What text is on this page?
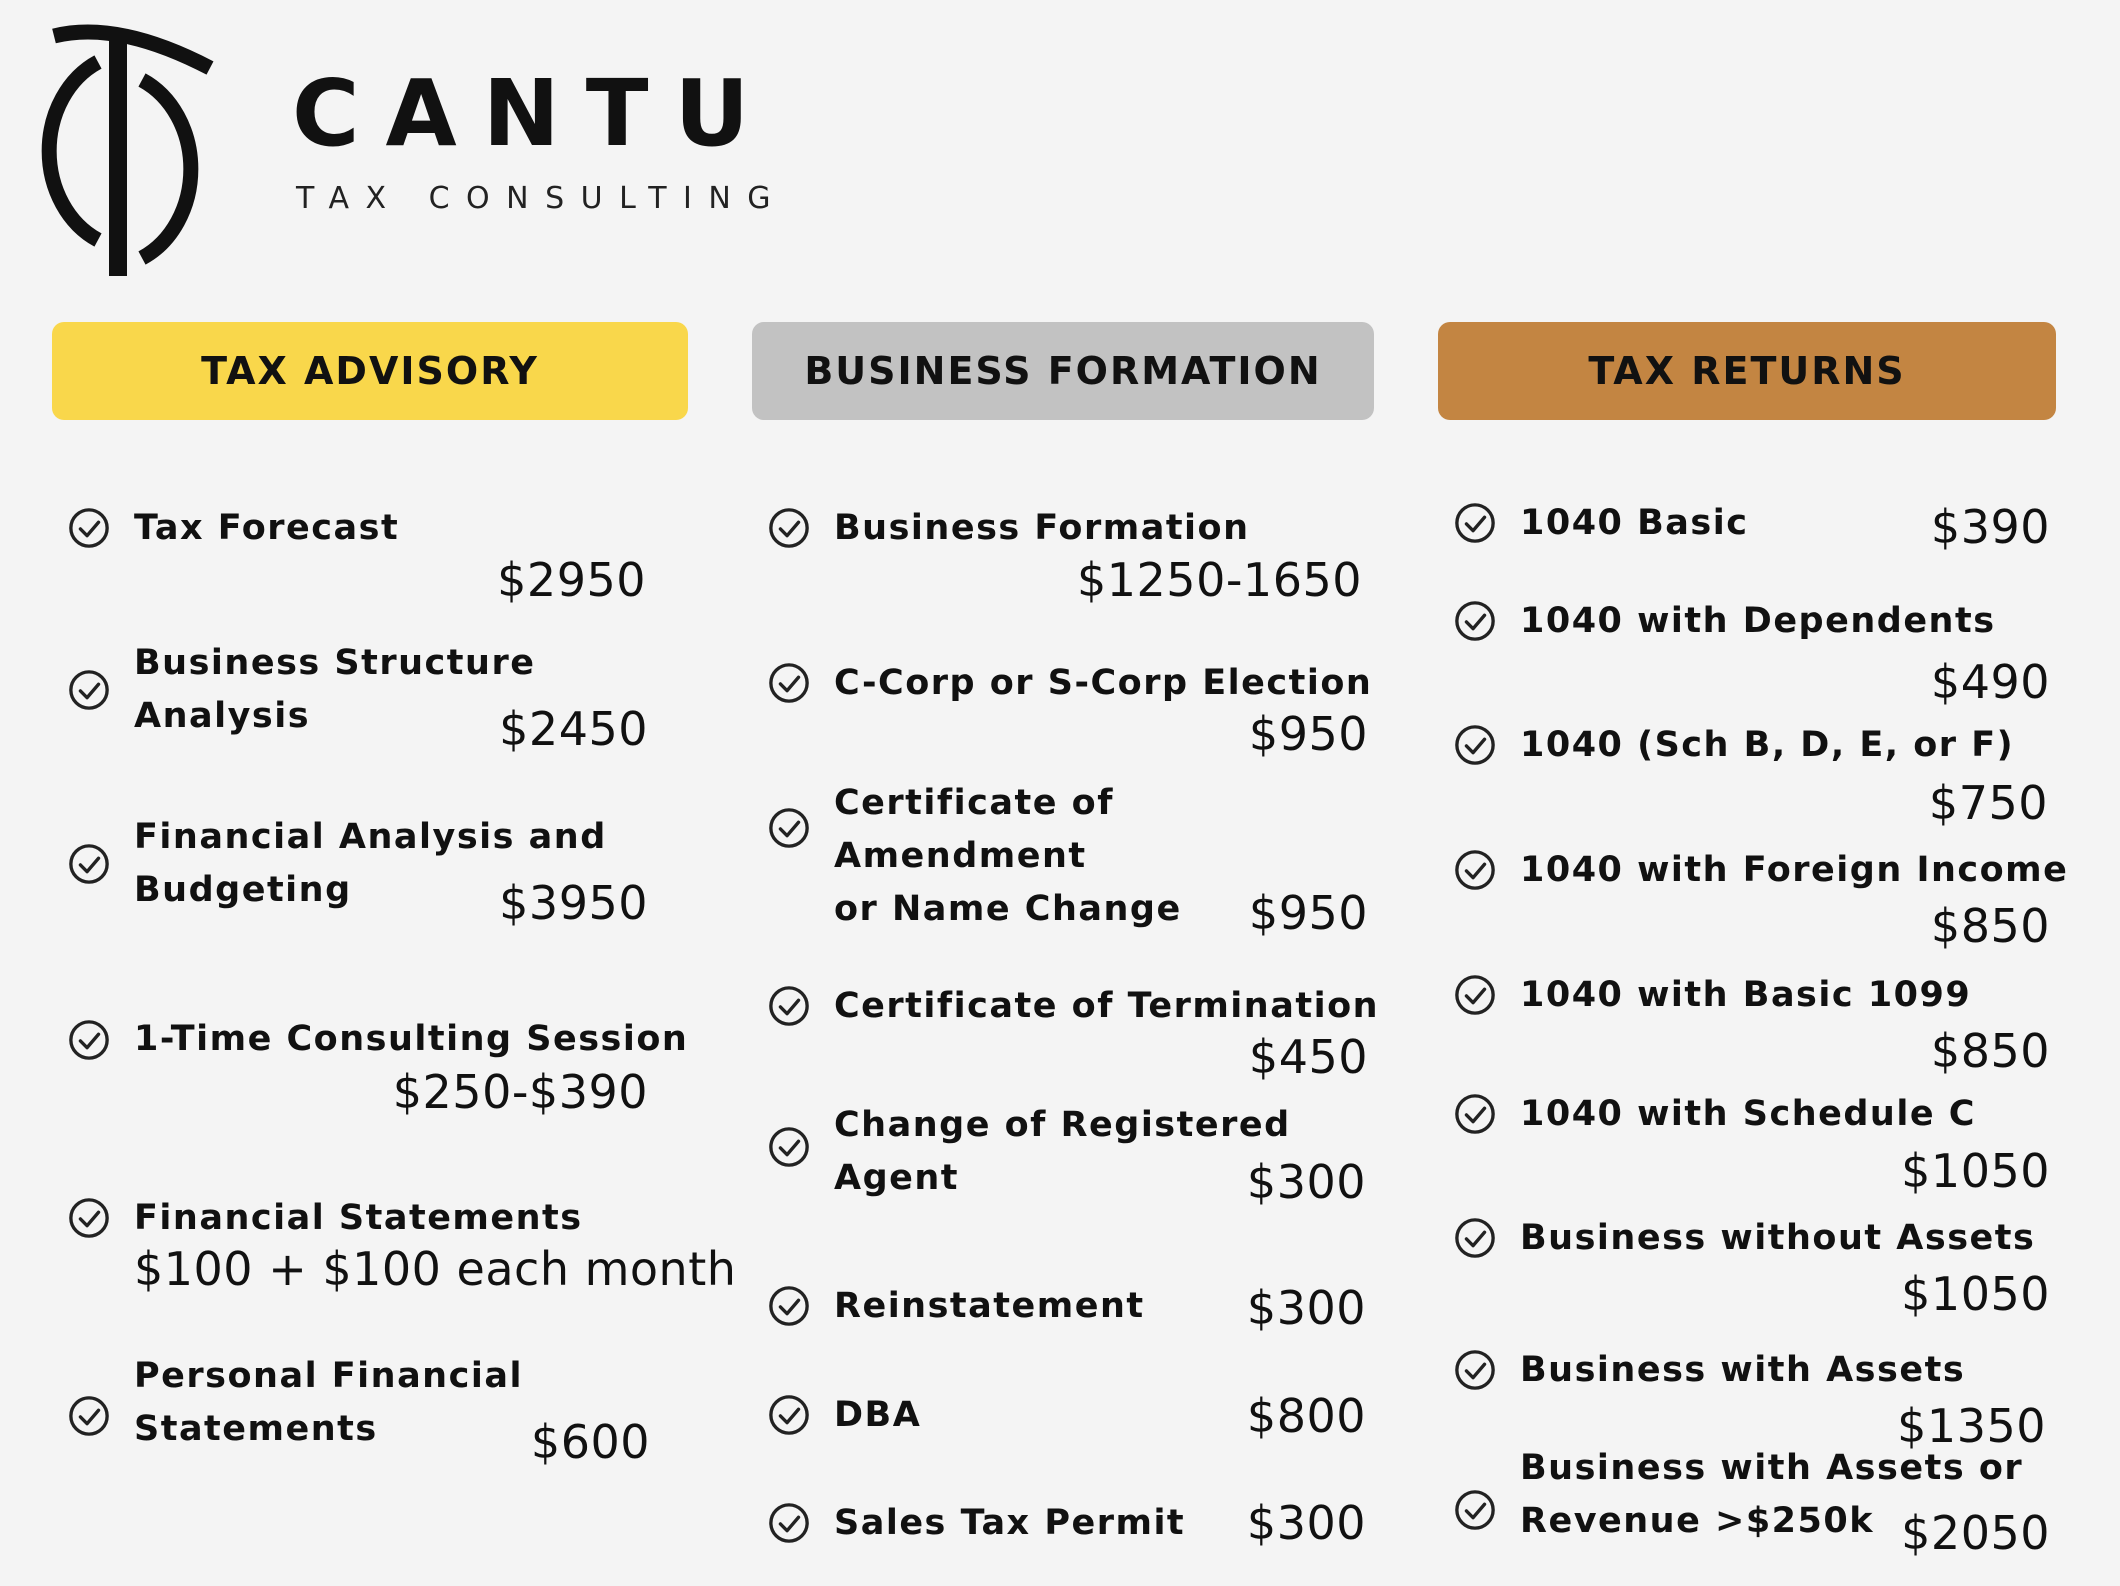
CANTU
TAX CONSULTING
TAX ADVISORY
Tax Forecast
$2950
Business Structure
Analysis	$2450
Financial Analysis and
Budgeting	$3950
1-Time Consulting Session
$250-$390
Financial Statements
$100 + $100 each month
Personal Financial
Statements	$600
BUSINESS FORMATION
Business Formation
$1250-1650
C-Corp or S-Corp Election
$950
Certificate of Amendment
or Name Change	$950
Certificate of Termination
$450
Change of Registered
Agent	$300
Reinstatement $300
DBA	$800
Sales Tax Permit $300
TAX RETURNS
1040 Basic	$390
1040 with Dependents
$490
1040 (Sch B, D, E, or F)
$750
1040 with Foreign Income
$850
1040 with Basic 1099
$850
1040 with Schedule C
$1050
Business without Assets
$1050
Business with Assets
$1350
Business with Assets or
Revenue >$250k $2050
